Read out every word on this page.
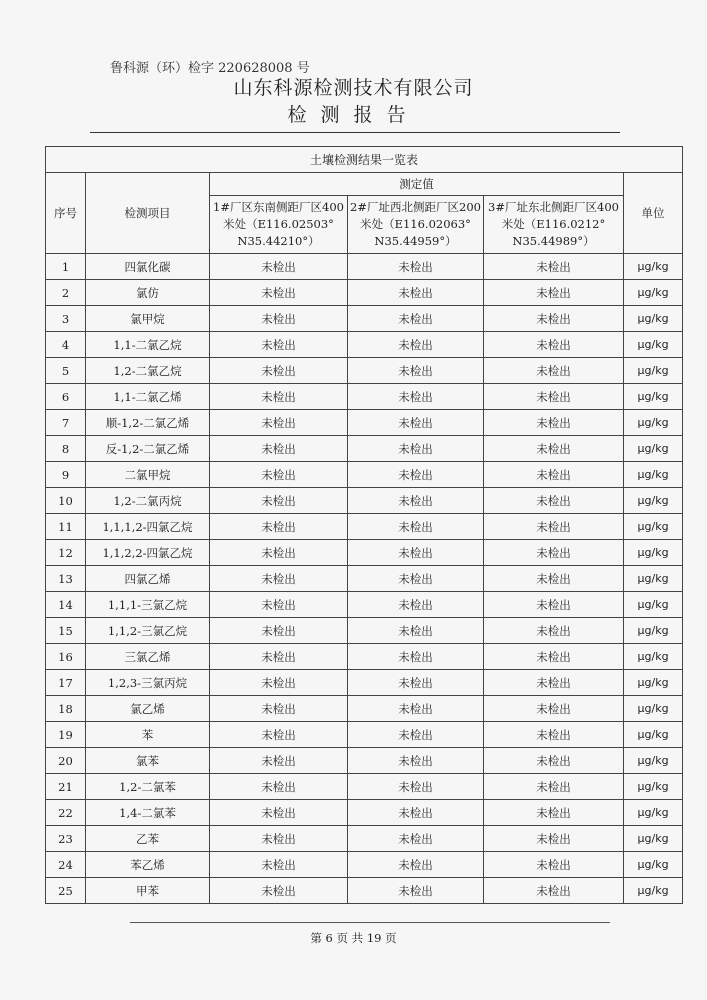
鲁科源（环）检字 220628008 号
山东科源检测技术有限公司
检测报告
土壤检测结果一览表					
序号	检测项目	测定值			单位
		1#厂区东南侧距厂区400米处（E116.02503° N35.44210°）	2#厂址西北侧距厂区200米处（E116.02063° N35.44959°）	3#厂址东北侧距厂区400米处（E116.0212° N35.44989°）	
1	四氯化碳	未检出	未检出	未检出	μg/kg
2	氯仿	未检出	未检出	未检出	μg/kg
3	氯甲烷	未检出	未检出	未检出	μg/kg
4	1,1-二氯乙烷	未检出	未检出	未检出	μg/kg
5	1,2-二氯乙烷	未检出	未检出	未检出	μg/kg
6	1,1-二氯乙烯	未检出	未检出	未检出	μg/kg
7	顺-1,2-二氯乙烯	未检出	未检出	未检出	μg/kg
8	反-1,2-二氯乙烯	未检出	未检出	未检出	μg/kg
9	二氯甲烷	未检出	未检出	未检出	μg/kg
10	1,2-二氯丙烷	未检出	未检出	未检出	μg/kg
11	1,1,1,2-四氯乙烷	未检出	未检出	未检出	μg/kg
12	1,1,2,2-四氯乙烷	未检出	未检出	未检出	μg/kg
13	四氯乙烯	未检出	未检出	未检出	μg/kg
14	1,1,1-三氯乙烷	未检出	未检出	未检出	μg/kg
15	1,1,2-三氯乙烷	未检出	未检出	未检出	μg/kg
16	三氯乙烯	未检出	未检出	未检出	μg/kg
17	1,2,3-三氯丙烷	未检出	未检出	未检出	μg/kg
18	氯乙烯	未检出	未检出	未检出	μg/kg
19	苯	未检出	未检出	未检出	μg/kg
20	氯苯	未检出	未检出	未检出	μg/kg
21	1,2-二氯苯	未检出	未检出	未检出	μg/kg
22	1,4-二氯苯	未检出	未检出	未检出	μg/kg
23	乙苯	未检出	未检出	未检出	μg/kg
24	苯乙烯	未检出	未检出	未检出	μg/kg
25	甲苯	未检出	未检出	未检出	μg/kg
第 6 页 共 19 页
